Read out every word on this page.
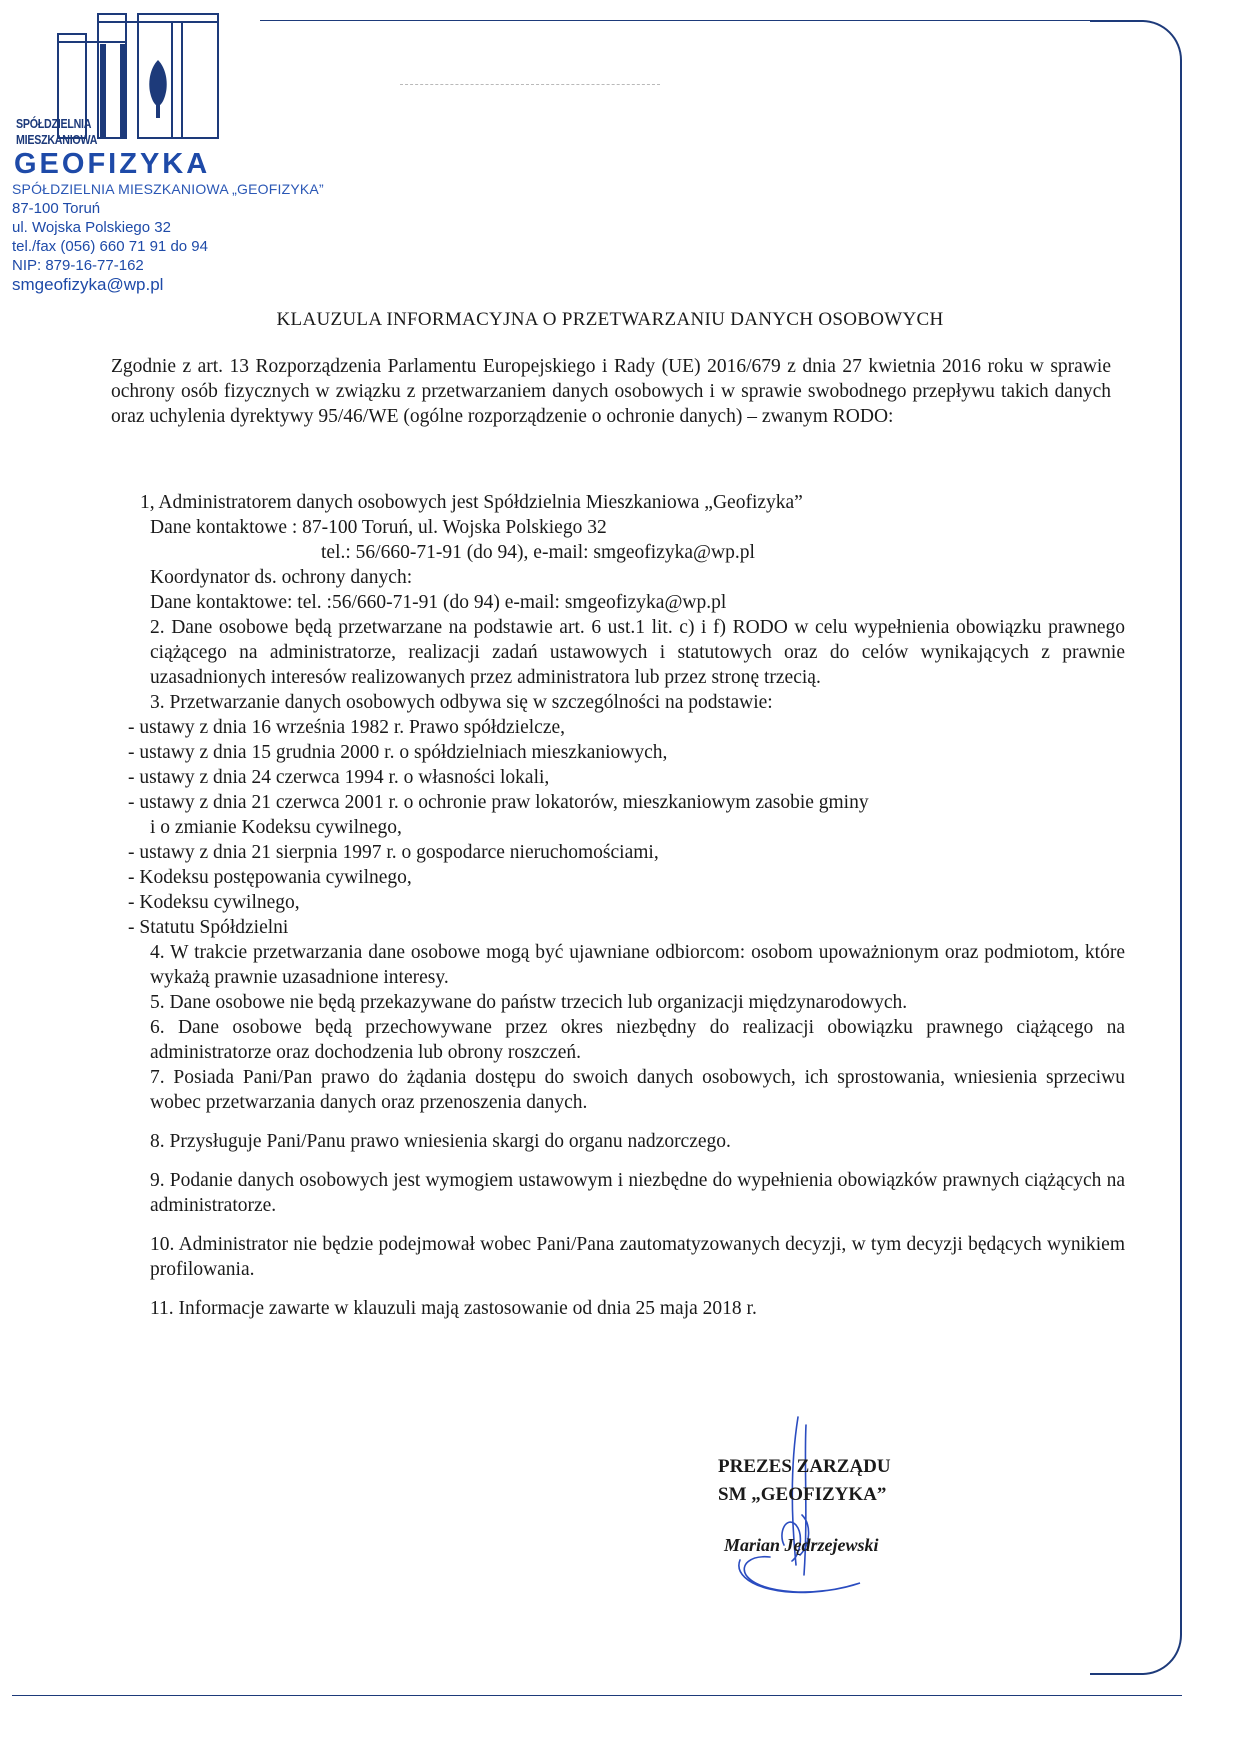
SPÓŁDZIELNIA
MIESZKANIOWA
GEOFIZYKA
SPÓŁDZIELNIA MIESZKANIOWA „GEOFIZYKA”
87-100 Toruń
ul. Wojska Polskiego 32
tel./fax (056) 660 71 91 do 94
NIP: 879-16-77-162
smgeofizyka@wp.pl
KLAUZULA INFORMACYJNA O PRZETWARZANIU DANYCH OSOBOWYCH
Zgodnie z art. 13 Rozporządzenia Parlamentu Europejskiego i Rady (UE) 2016/679 z dnia 27 kwietnia 2016 roku w sprawie ochrony osób fizycznych w związku z przetwarzaniem danych osobowych i w sprawie swobodnego przepływu takich danych oraz uchylenia dyrektywy 95/46/WE (ogólne rozporządzenie o ochronie danych) – zwanym RODO:
1, Administratorem danych osobowych jest Spółdzielnia Mieszkaniowa „Geofizyka”
Dane kontaktowe : 87-100 Toruń, ul. Wojska Polskiego 32
tel.: 56/660-71-91 (do 94), e-mail: smgeofizyka@wp.pl
Koordynator ds. ochrony danych:
Dane kontaktowe: tel. :56/660-71-91 (do 94) e-mail: smgeofizyka@wp.pl
2. Dane osobowe będą przetwarzane na podstawie art. 6 ust.1 lit. c) i f) RODO w celu wypełnienia obowiązku prawnego ciążącego na administratorze, realizacji zadań ustawowych i statutowych oraz do celów wynikających z prawnie uzasadnionych interesów realizowanych przez administratora lub przez stronę trzecią.
3. Przetwarzanie danych osobowych odbywa się w szczególności na podstawie:
- ustawy z dnia 16 września 1982 r. Prawo spółdzielcze,
- ustawy z dnia 15 grudnia 2000 r. o spółdzielniach mieszkaniowych,
- ustawy z dnia 24 czerwca 1994 r. o własności lokali,
- ustawy z dnia 21 czerwca 2001 r. o ochronie praw lokatorów, mieszkaniowym zasobie gminy
i o zmianie Kodeksu cywilnego,
- ustawy z dnia 21 sierpnia 1997 r. o gospodarce nieruchomościami,
- Kodeksu postępowania cywilnego,
- Kodeksu cywilnego,
- Statutu Spółdzielni
4. W trakcie przetwarzania dane osobowe mogą być ujawniane odbiorcom: osobom upoważnionym oraz podmiotom, które wykażą prawnie uzasadnione interesy.
5. Dane osobowe nie będą przekazywane do państw trzecich lub organizacji międzynarodowych.
6. Dane osobowe będą przechowywane przez okres niezbędny do realizacji obowiązku prawnego ciążącego na administratorze oraz dochodzenia lub obrony roszczeń.
7. Posiada Pani/Pan prawo do żądania dostępu do swoich danych osobowych, ich sprostowania, wniesienia sprzeciwu wobec przetwarzania danych oraz przenoszenia danych.
8. Przysługuje Pani/Panu prawo wniesienia skargi do organu nadzorczego.
9. Podanie danych osobowych jest wymogiem ustawowym i niezbędne do wypełnienia obowiązków prawnych ciążących na administratorze.
10. Administrator nie będzie podejmował wobec Pani/Pana zautomatyzowanych decyzji, w tym decyzji będących wynikiem profilowania.
11. Informacje zawarte w klauzuli mają zastosowanie od dnia 25 maja 2018 r.
PREZES ZARZĄDU
SM „GEOFIZYKA”
Marian Jędrzejewski
